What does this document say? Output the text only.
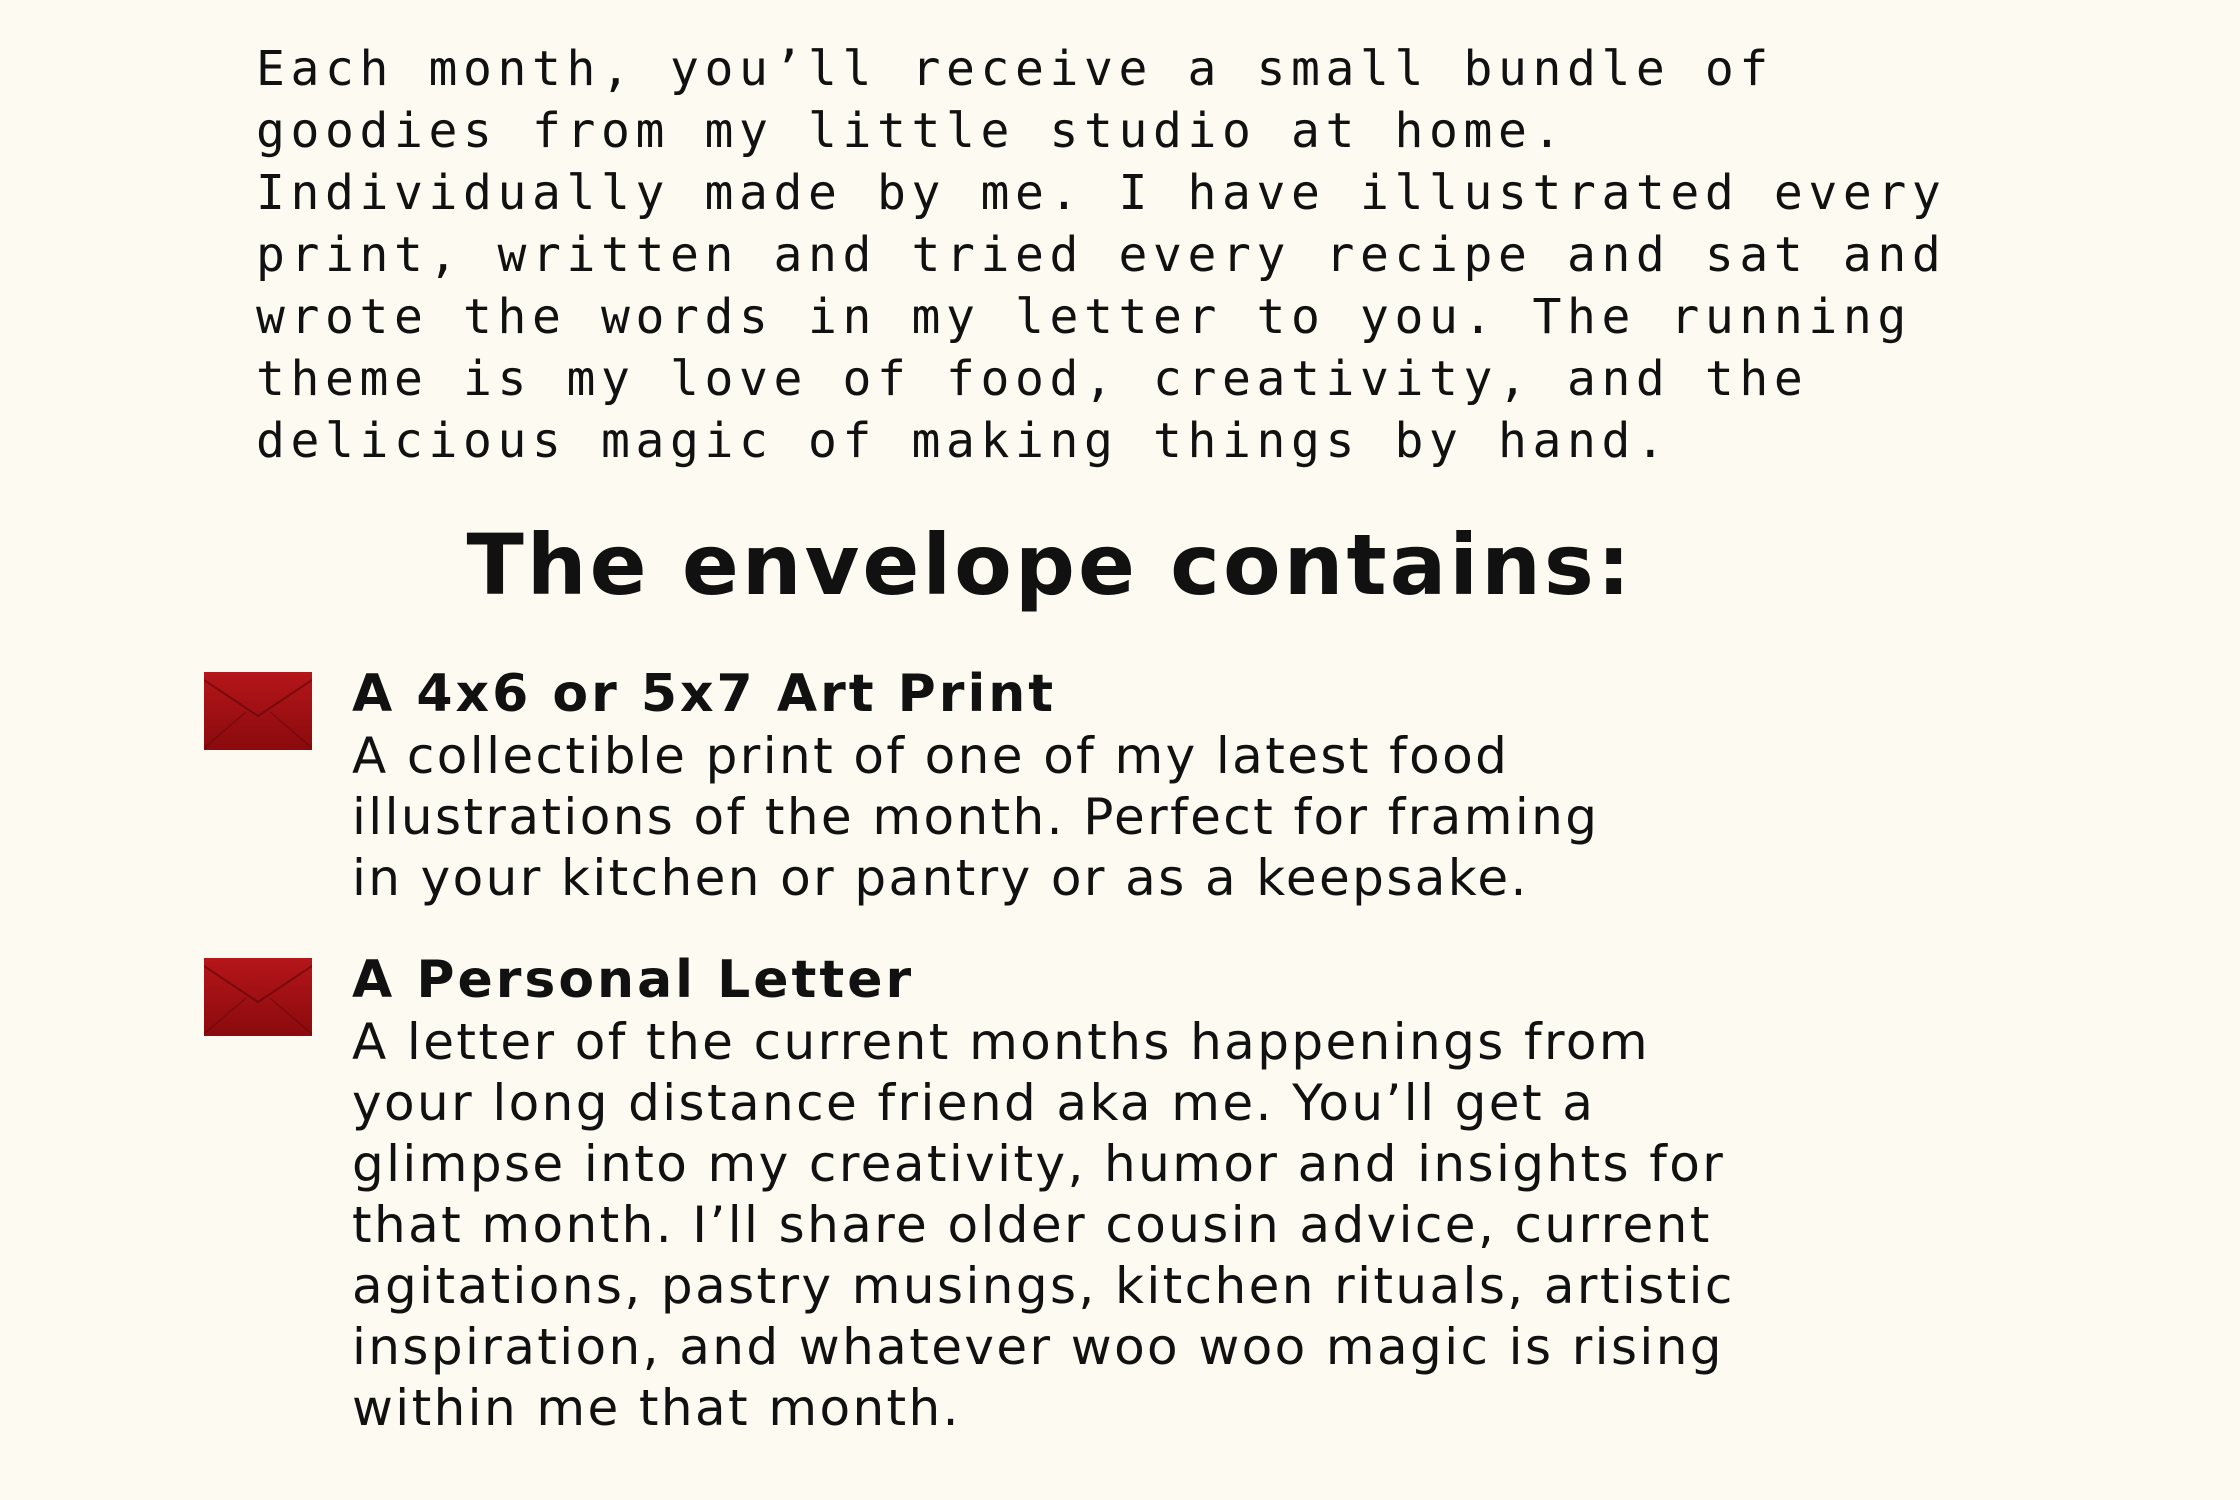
Each month, you’ll receive a small bundle of
goodies from my little studio at home.
Individually made by me. I have illustrated every
print, written and tried every recipe and sat and
wrote the words in my letter to you. The running
theme is my love of food, creativity, and the
delicious magic of making things by hand.

The envelope contains:
A 4x6 or 5x7 Art Print

A collectible print of one of my latest food
illustrations of the month. Perfect for framing
in your kitchen or pantry or as a keepsake.

A Personal Letter

A letter of the current months happenings from
your long distance friend aka me. You’ll get a
glimpse into my creativity, humor and insights for
that month. I’ll share older cousin advice, current
agitations, pastry musings, kitchen rituals, artistic
inspiration, and whatever woo woo magic is rising
within me that month.
